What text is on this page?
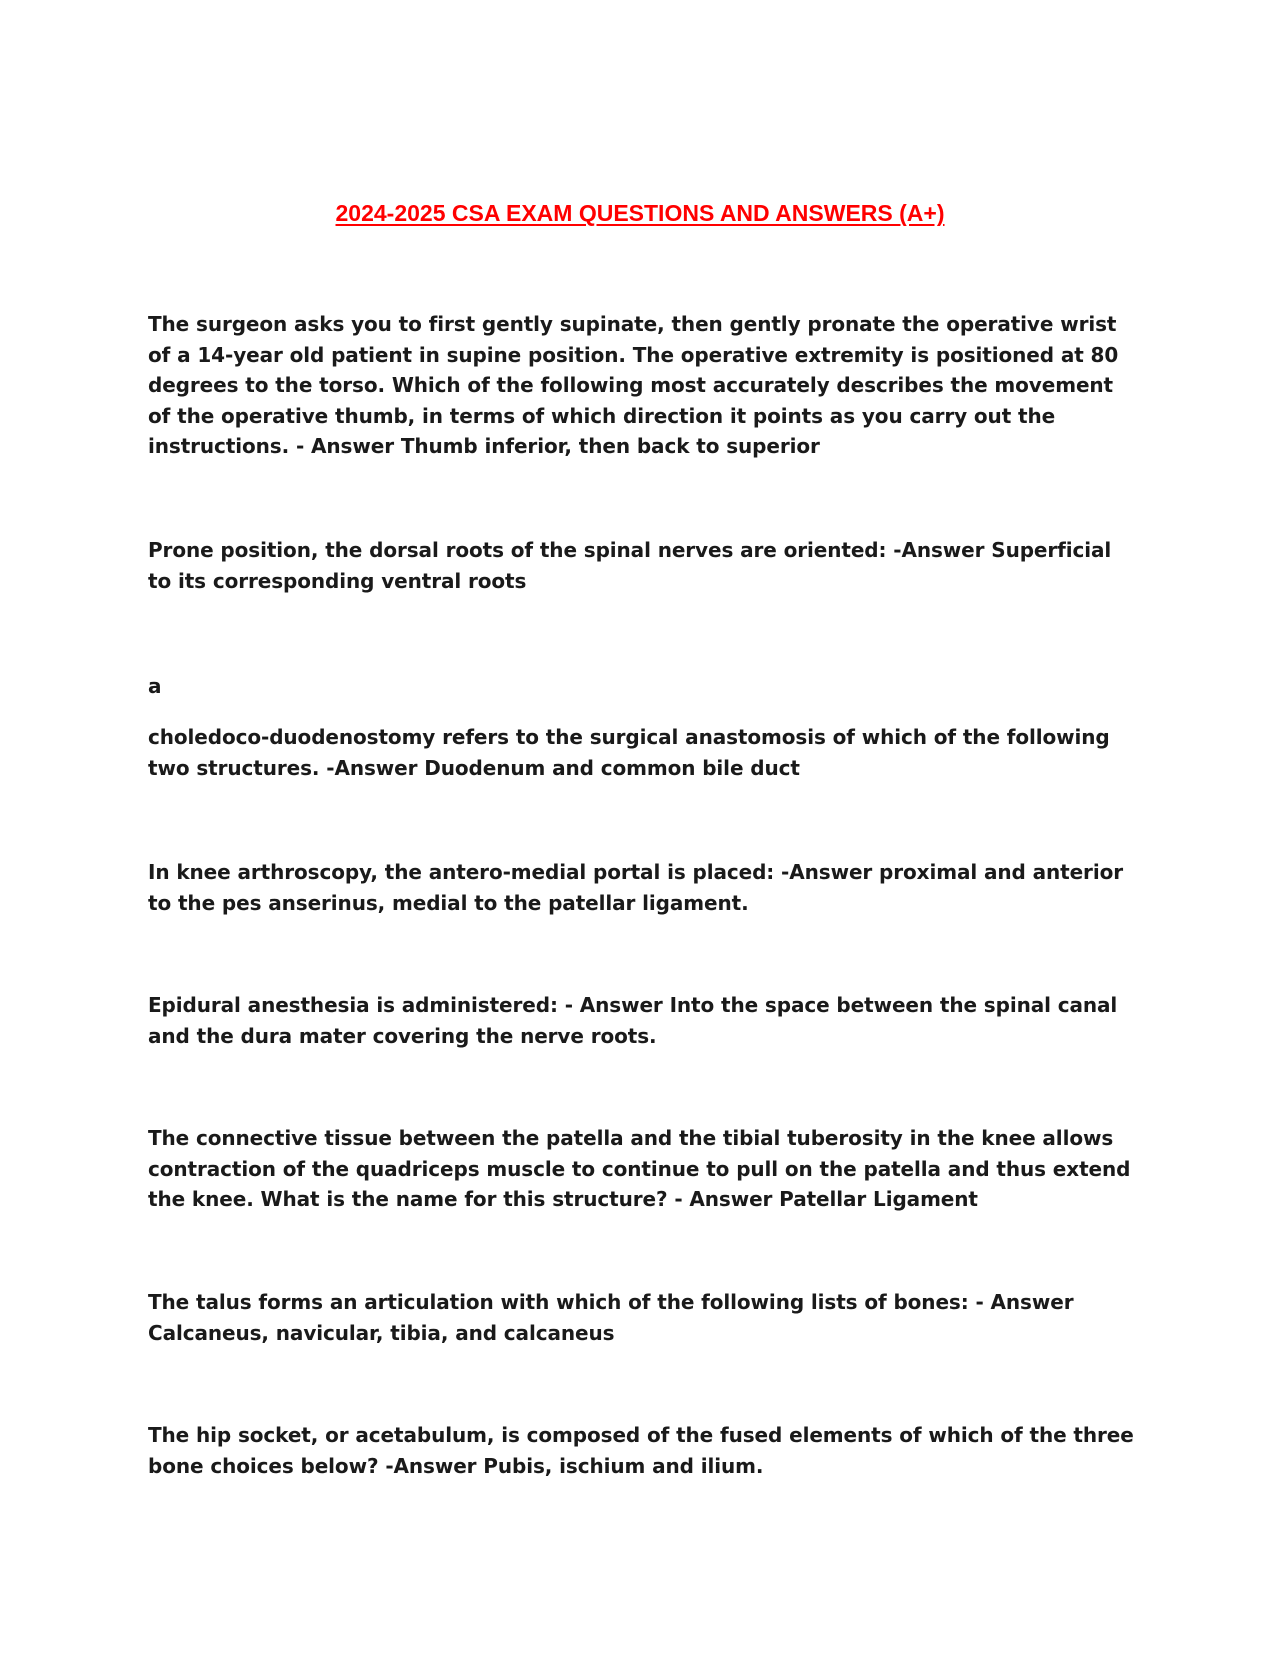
2024-2025 CSA EXAM QUESTIONS AND ANSWERS (A+)

The surgeon asks you to first gently supinate, then gently pronate the operative wrist of a 14-year old patient in supine position. The operative extremity is positioned at 80 degrees to the torso. Which of the following most accurately describes the movement of the operative thumb, in terms of which direction it points as you carry out the instructions. - Answer Thumb inferior, then back to superior

Prone position, the dorsal roots of the spinal nerves are oriented: -Answer Superficial to its corresponding ventral roots

a

choledoco-duodenostomy refers to the surgical anastomosis of which of the following two structures. -Answer Duodenum and common bile duct

In knee arthroscopy, the antero-medial portal is placed: -Answer proximal and anterior to the pes anserinus, medial to the patellar ligament.

Epidural anesthesia is administered: - Answer Into the space between the spinal canal and the dura mater covering the nerve roots.

The connective tissue between the patella and the tibial tuberosity in the knee allows contraction of the quadriceps muscle to continue to pull on the patella and thus extend the knee. What is the name for this structure? - Answer Patellar Ligament

The talus forms an articulation with which of the following lists of bones: - Answer Calcaneus, navicular, tibia, and calcaneus

The hip socket, or acetabulum, is composed of the fused elements of which of the three bone choices below? -Answer Pubis, ischium and ilium.
